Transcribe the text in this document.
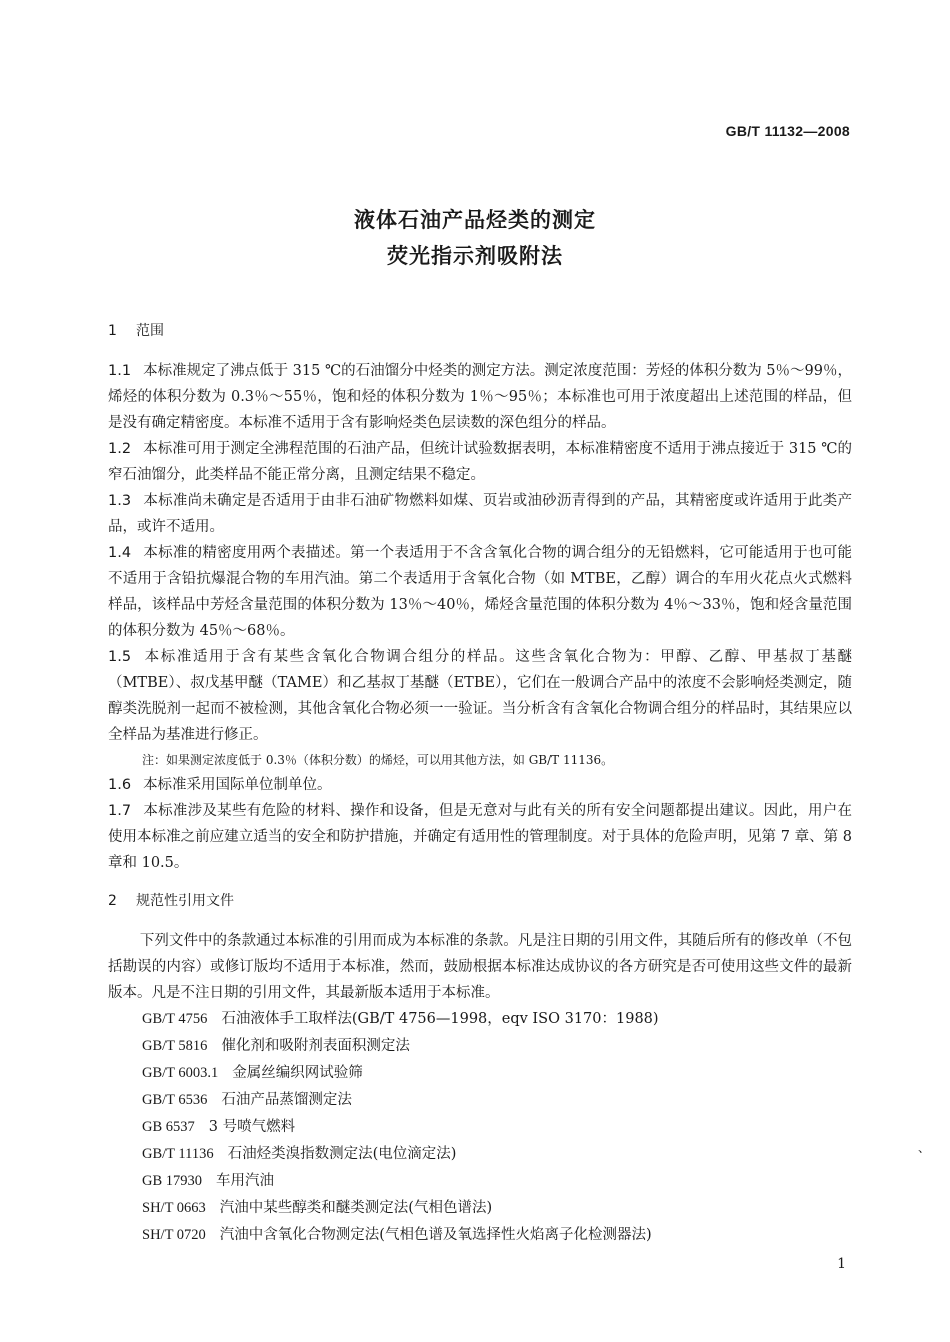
GB/T 11132—2008
液体石油产品烃类的测定
荧光指示剂吸附法

1 范围

1.1 本标准规定了沸点低于 315 ℃的石油馏分中烃类的测定方法。测定浓度范围：芳烃的体积分数为 5％～99％，烯烃的体积分数为 0.3％～55％，饱和烃的体积分数为 1％～95％；本标准也可用于浓度超出上述范围的样品，但是没有确定精密度。本标准不适用于含有影响烃类色层读数的深色组分的样品。

1.2 本标准可用于测定全沸程范围的石油产品，但统计试验数据表明，本标准精密度不适用于沸点接近于 315 ℃的窄石油馏分，此类样品不能正常分离，且测定结果不稳定。

1.3 本标准尚未确定是否适用于由非石油矿物燃料如煤、页岩或油砂沥青得到的产品，其精密度或许适用于此类产品，或许不适用。

1.4 本标准的精密度用两个表描述。第一个表适用于不含含氧化合物的调合组分的无铅燃料，它可能适用于也可能不适用于含铅抗爆混合物的车用汽油。第二个表适用于含氧化合物（如 MTBE，乙醇）调合的车用火花点火式燃料样品，该样品中芳烃含量范围的体积分数为 13％～40％，烯烃含量范围的体积分数为 4％～33％，饱和烃含量范围的体积分数为 45％～68％。

1.5 本标准适用于含有某些含氧化合物调合组分的样品。这些含氧化合物为：甲醇、乙醇、甲基叔丁基醚（MTBE）、叔戊基甲醚（TAME）和乙基叔丁基醚（ETBE），它们在一般调合产品中的浓度不会影响烃类测定，随醇类洗脱剂一起而不被检测，其他含氧化合物必须一一验证。当分析含有含氧化合物调合组分的样品时，其结果应以全样品为基准进行修正。

注：如果测定浓度低于 0.3％（体积分数）的烯烃，可以用其他方法，如 GB/T 11136。

1.6 本标准采用国际单位制单位。

1.7 本标准涉及某些有危险的材料、操作和设备，但是无意对与此有关的所有安全问题都提出建议。因此，用户在使用本标准之前应建立适当的安全和防护措施，并确定有适用性的管理制度。对于具体的危险声明，见第 7 章、第 8 章和 10.5。

2 规范性引用文件

下列文件中的条款通过本标准的引用而成为本标准的条款。凡是注日期的引用文件，其随后所有的修改单（不包括勘误的内容）或修订版均不适用于本标准，然而，鼓励根据本标准达成协议的各方研究是否可使用这些文件的最新版本。凡是不注日期的引用文件，其最新版本适用于本标准。

GB/T 4756 石油液体手工取样法(GB/T 4756—1998，eqv ISO 3170：1988)

GB/T 5816 催化剂和吸附剂表面积测定法

GB/T 6003.1 金属丝编织网试验筛

GB/T 6536 石油产品蒸馏测定法

GB 6537 3 号喷气燃料

GB/T 11136 石油烃类溴指数测定法(电位滴定法)

GB 17930 车用汽油

SH/T 0663 汽油中某些醇类和醚类测定法(气相色谱法)

SH/T 0720 汽油中含氧化合物测定法(气相色谱及氧选择性火焰离子化检测器法)

、
1
